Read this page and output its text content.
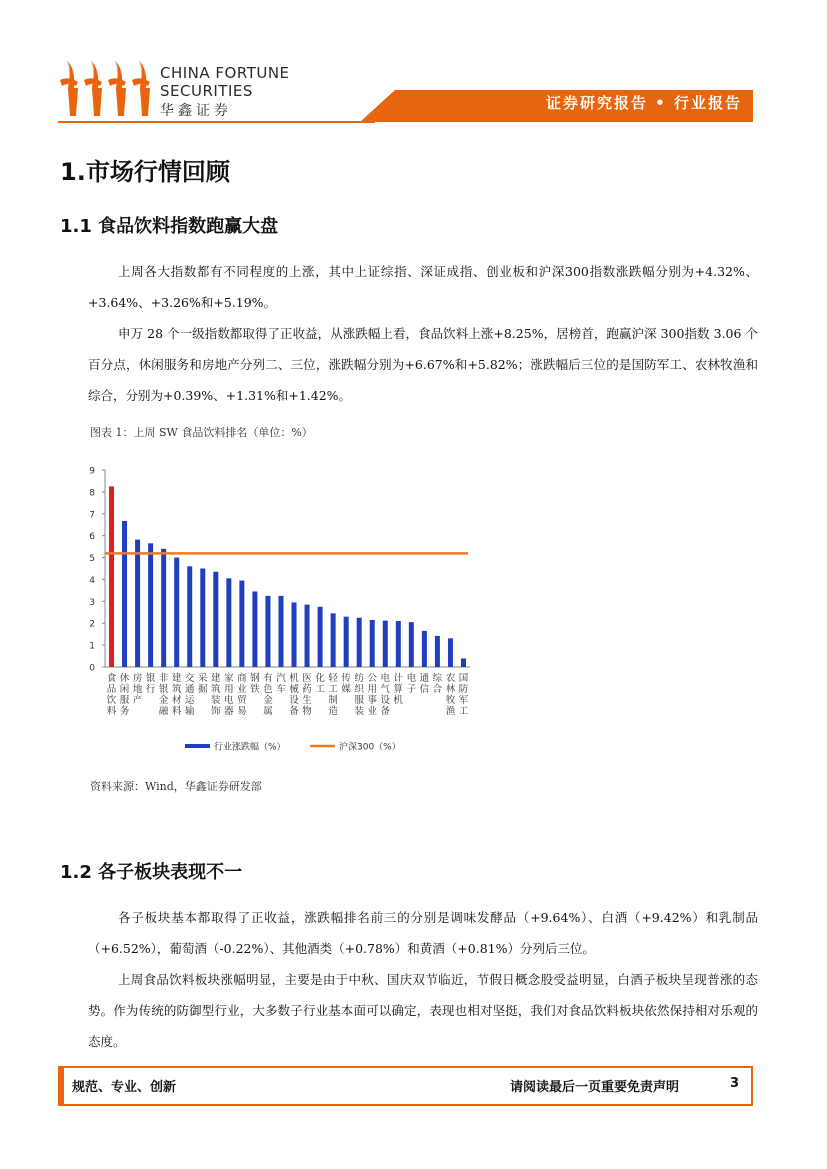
CHINA FORTUNE
SECURITIES
华鑫证券	证券研究报告 • 行业报告
1.市场行情回顾
1.1 食品饮料指数跑赢大盘

上周各大指数都有不同程度的上涨，其中上证综指、深证成指、创业板和沪深300指数涨跌幅分别为+4.32%、+3.64%、+3.26%和+5.19%。

申万 28 个一级指数都取得了正收益，从涨跌幅上看，食品饮料上涨+8.25%，居榜首，跑赢沪深 300指数 3.06 个百分点，休闲服务和房地产分列二、三位，涨跌幅分别为+6.67%和+5.82%；涨跌幅后三位的是国防军工、农林牧渔和综合，分别为+0.39%、+1.31%和+1.42%。

图表 1：上周 SW 食品饮料排名（单位：%）
0
1
2
3
4
5
6
7
8
9
食
品
饮
料
休
闲
服
务
房
地
产
银
行
非
银
金
融
建
筑
材
料
交
通
运
输
采
掘
建
筑
装
饰
家
用
电
器
商
业
贸
易
钢
铁
有
色
金
属
汽
车
机
械
设
备
医
药
生
物
化
工
轻
工
制
造
传
媒
纺
织
服
装
公
用
事
业
电
气
设
备
计
算
机
电
子
通
信
综
合
农
林
牧
渔
国
防
军
工
行业涨跌幅（%）	沪深300（%）
资料来源：Wind，华鑫证券研发部
1.2 各子板块表现不一

各子板块基本都取得了正收益，涨跌幅排名前三的分别是调味发酵品（+9.64%）、白酒（+9.42%）和乳制品（+6.52%），葡萄酒（-0.22%）、其他酒类（+0.78%）和黄酒（+0.81%）分列后三位。

上周食品饮料板块涨幅明显，主要是由于中秋、国庆双节临近，节假日概念股受益明显，白酒子板块呈现普涨的态势。作为传统的防御型行业，大多数子行业基本面可以确定，表现也相对坚挺，我们对食品饮料板块依然保持相对乐观的态度。

规范、专业、创新	请阅读最后一页重要免责声明	3
